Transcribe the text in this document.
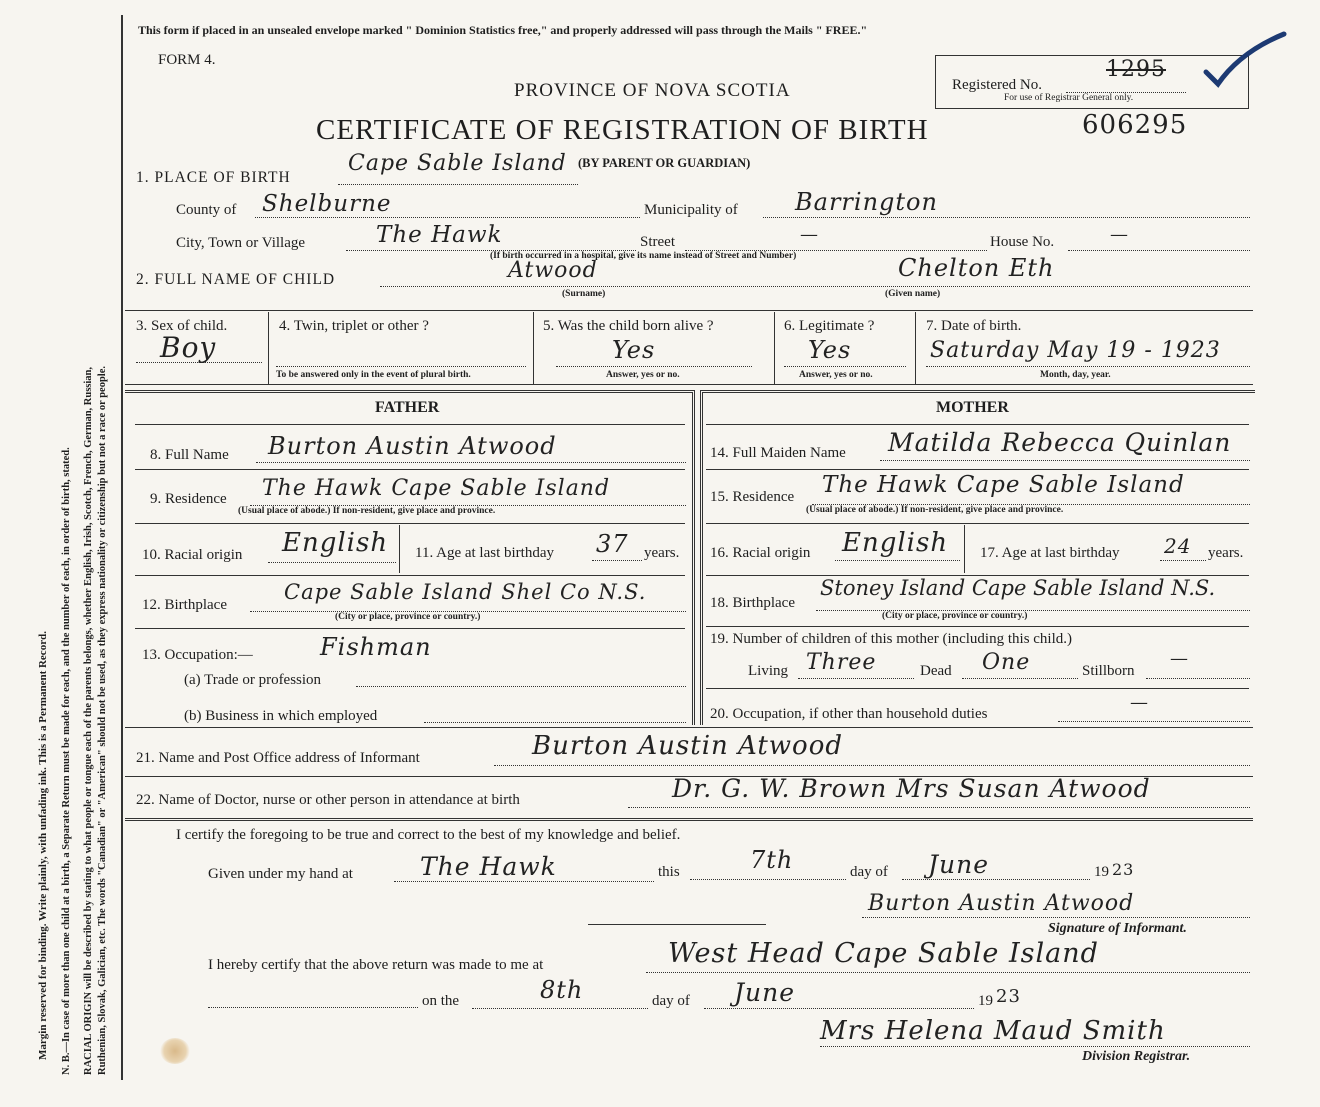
Margin reserved for binding. Write plainly, with unfading ink. This is a Permanent Record. N. B.—In case of more than one child at a birth, a Separate Return must be made for each, and the number of each, in order of birth, stated. RACIAL ORIGIN will be described by stating to what people or tongue each of the parents belongs, whether English, Irish, Scotch, French, German, Russian, Ruthenian, Slovak, Galician, etc. The words "Canadian" or "American" should not be used, as they express nationality or citizenship but not a race or people.
This form if placed in an unsealed envelope marked " Dominion Statistics free," and properly addressed will pass through the Mails " FREE."
FORM 4.
PROVINCE OF NOVA SCOTIA
CERTIFICATE OF REGISTRATION OF BIRTH	606295
Registered No.
1295
For use of Registrar General only.
1. PLACE OF BIRTH
Cape Sable Island (BY PARENT OR GUARDIAN)
County of Shelburne	Municipality of Barrington
City, Town or Village	The Hawk	Street	—	House No.	—
(If birth occurred in a hospital, give its name instead of Street and Number)
2. FULL NAME OF CHILD	Atwood
(Surname)
Chelton Eth
(Given name)
3. Sex of child.
Boy
4. Twin, triplet or other ?
To be answered only in the event of plural birth.
5. Was the child born alive ?
Yes
Answer, yes or no.
6. Legitimate ?
Yes
Answer, yes or no.
7. Date of birth.
Saturday May 19 - 1923
Month, day, year.
FATHER	MOTHER
8. Full Name Burton Austin Atwood
9. Residence The Hawk Cape Sable Island
(Usual place of abode.) If non-resident, give place and province.
10. Racial origin English 11. Age at last birthday 37 years.
12. Birthplace
Cape Sable Island Shel Co N.S.
(City or place, province or country.)
13. Occupation:—	Fishman
(a) Trade or profession
(b) Business in which employed
14. Full Maiden Name Matilda Rebecca Quinlan
15. Residence The Hawk Cape Sable Island
(Usual place of abode.) If non-resident, give place and province.
16. Racial origin English 17. Age at last birthday 24 years.
18. Birthplace
Stoney Island Cape Sable Island N.S.
(City or place, province or country.)
19. Number of children of this mother (including this child.)
Living Three	Dead One	Stillborn
—
20. Occupation, if other than household duties
—
21. Name and Post Office address of Informant	Burton Austin Atwood
22. Name of Doctor, nurse or other person in attendance at birth	Dr. G. W. Brown Mrs Susan Atwood
I certify the foregoing to be true and correct to the best of my knowledge and belief.
Given under my hand at	The Hawk	this	7th	day of June	19 23
Burton Austin Atwood
Signature of Informant.
I hereby certify that the above return was made to me at	West Head Cape Sable Island
on the	8th	day of June	19 23
Mrs Helena Maud Smith
Division Registrar.
